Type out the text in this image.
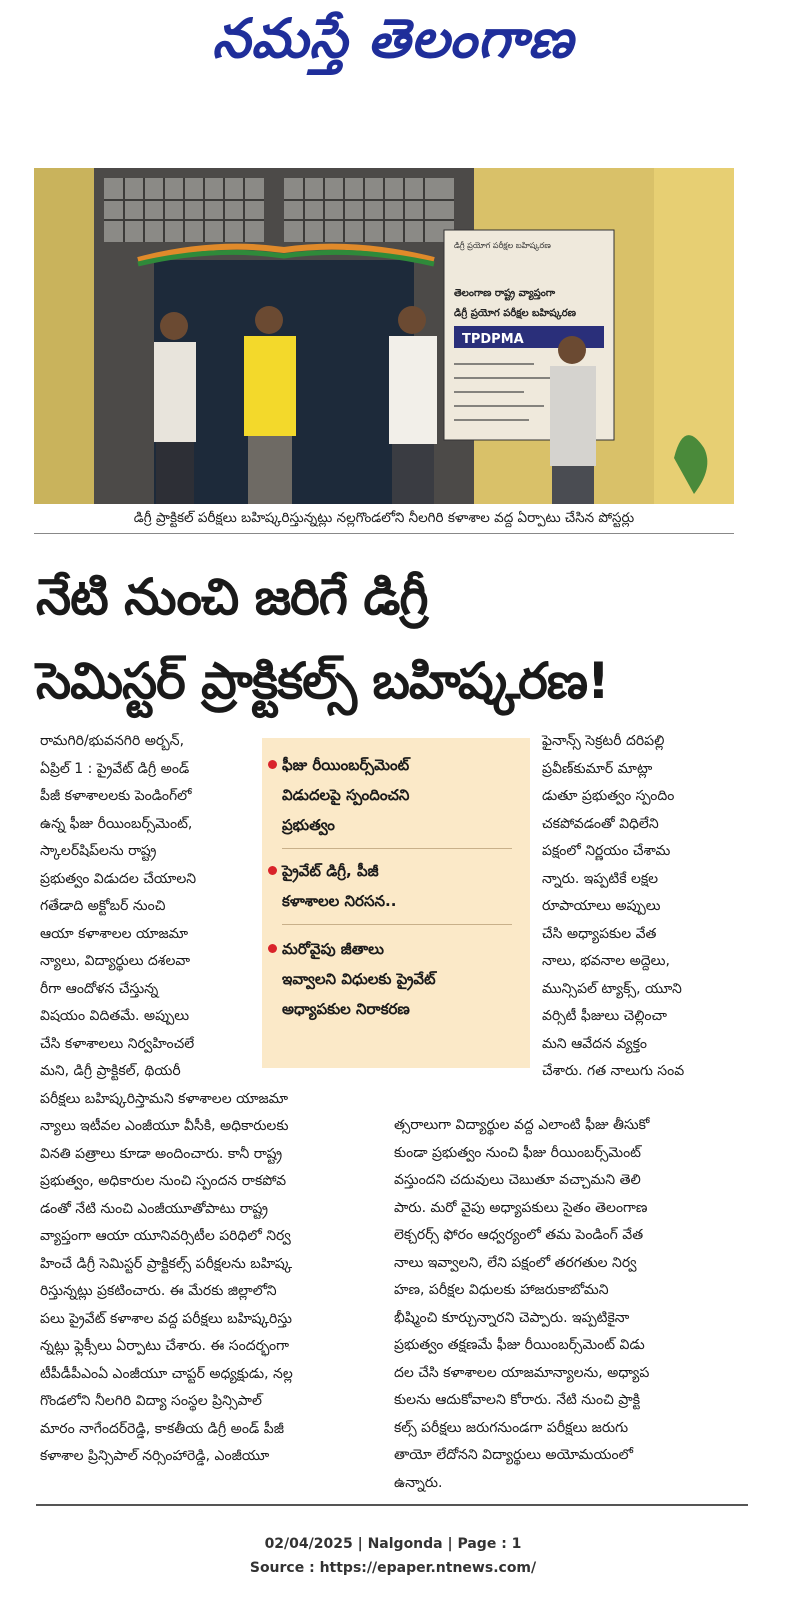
నమస్తే తెలంగాణ
TPDPMA
డిగ్రీ ప్రయోగ పరీక్షల బహిష్కరణ
తెలంగాణ రాష్ట్ర వ్యాప్తంగా
డిగ్రీ ప్రయోగ పరీక్షల బహిష్కరణ
డిగ్రీ ప్రాక్టికల్ పరీక్షలు బహిష్కరిస్తున్నట్లు నల్లగొండలోని నీలగిరి కళాశాల వద్ద ఏర్పాటు చేసిన పోస్టర్లు
నేటి నుంచి జరిగే డిగ్రీ
సెమిస్టర్ ప్రాక్టికల్స్ బహిష్కరణ!
రామగిరి/భువనగిరి అర్బన్,
ఏప్రిల్ 1 : ప్రైవేట్ డిగ్రీ అండ్
పీజీ కళాశాలలకు పెండింగ్‌లో
ఉన్న ఫీజు రీయింబర్స్‌మెంట్,
స్కాలర్‌షిప్‌లను రాష్ట్ర
ప్రభుత్వం విడుదల చేయాలని
గతేడాది అక్టోబర్ నుంచి
ఆయా కళాశాలల యాజమా
న్యాలు, విద్యార్థులు దశలవా
రీగా ఆందోళన చేస్తున్న
విషయం విదితమే. అప్పులు
చేసి కళాశాలలు నిర్వహించలే
మని, డిగ్రీ ప్రాక్టికల్, థియరీ
పరీక్షలు బహిష్కరిస్తామని కళాశాలల యాజమా
న్యాలు ఇటీవల ఎంజీయూ వీసీకి, అధికారులకు
వినతి పత్రాలు కూడా అందించారు. కానీ రాష్ట్ర
ప్రభుత్వం, అధికారుల నుంచి స్పందన రాకపోవ
డంతో నేటి నుంచి ఎంజీయూతోపాటు రాష్ట్ర
వ్యాప్తంగా ఆయా యూనివర్సిటీల పరిధిలో నిర్వ
హించే డిగ్రీ సెమిస్టర్ ప్రాక్టికల్స్ పరీక్షలను బహిష్క
రిస్తున్నట్లు ప్రకటించారు. ఈ మేరకు జిల్లాలోని
పలు ప్రైవేట్ కళాశాల వద్ద పరీక్షలు బహిష్కరిస్తు
న్నట్లు ఫ్లెక్సీలు ఏర్పాటు చేశారు. ఈ సందర్భంగా
టీపీడీపీఎంఏ ఎంజీయూ చాప్టర్ అధ్యక్షుడు, నల్ల
గొండలోని నీలగిరి విద్యా సంస్థల ప్రిన్సిపాల్
మారం నాగేందర్‌రెడ్డి, కాకతీయ డిగ్రీ అండ్ పీజీ
కళాశాల ప్రిన్సిపాల్ నర్సింహారెడ్డి, ఎంజీయూ
ఫీజు రీయింబర్స్‌మెంట్
విడుదలపై స్పందించని
ప్రభుత్వం
ప్రైవేట్ డిగ్రీ, పీజీ
కళాశాలల నిరసన..
మరోవైపు జీతాలు
ఇవ్వాలని విధులకు ప్రైవేట్
అధ్యాపకుల నిరాకరణ
ఫైనాన్స్ సెక్రటరీ దరిపల్లి
ప్రవీణ్‌కుమార్ మాట్లా
డుతూ ప్రభుత్వం స్పందిం
చకపోవడంతో విధిలేని
పక్షంలో నిర్ణయం చేశామ
న్నారు. ఇప్పటికే లక్షల
రూపాయాలు అప్పులు
చేసి అధ్యాపకుల వేత
నాలు, భవనాల అద్దెలు,
మున్సిపల్ ట్యాక్స్, యూని
వర్సిటీ ఫీజులు చెల్లించా
మని ఆవేదన వ్యక్తం
చేశారు. గత నాలుగు సంవ
త్సరాలుగా విద్యార్థుల వద్ద ఎలాంటి ఫీజు తీసుకో
కుండా ప్రభుత్వం నుంచి ఫీజు రీయింబర్స్‌మెంట్
వస్తుందని చదువులు చెబుతూ వచ్చామని తెలి
పారు. మరో వైపు అధ్యాపకులు సైతం తెలంగాణ
లెక్చరర్స్ ఫోరం ఆధ్వర్యంలో తమ పెండింగ్ వేత
నాలు ఇవ్వాలని, లేని పక్షంలో తరగతుల నిర్వ
హణ, పరీక్షల విధులకు హాజరుకాబోమని
భీష్మించి కూర్చున్నారని చెప్పారు. ఇప్పటికైనా
ప్రభుత్వం తక్షణమే ఫీజు రీయింబర్స్‌మెంట్ విడు
దల చేసి కళాశాలల యాజమాన్యాలను, అధ్యాప
కులను ఆదుకోవాలని కోరారు. నేటి నుంచి ప్రాక్టి
కల్స్ పరీక్షలు జరుగనుండగా పరీక్షలు జరుగు
తాయో లేదోనని విద్యార్థులు అయోమయంలో
ఉన్నారు.
02/04/2025 | Nalgonda | Page : 1
Source : https://epaper.ntnews.com/
